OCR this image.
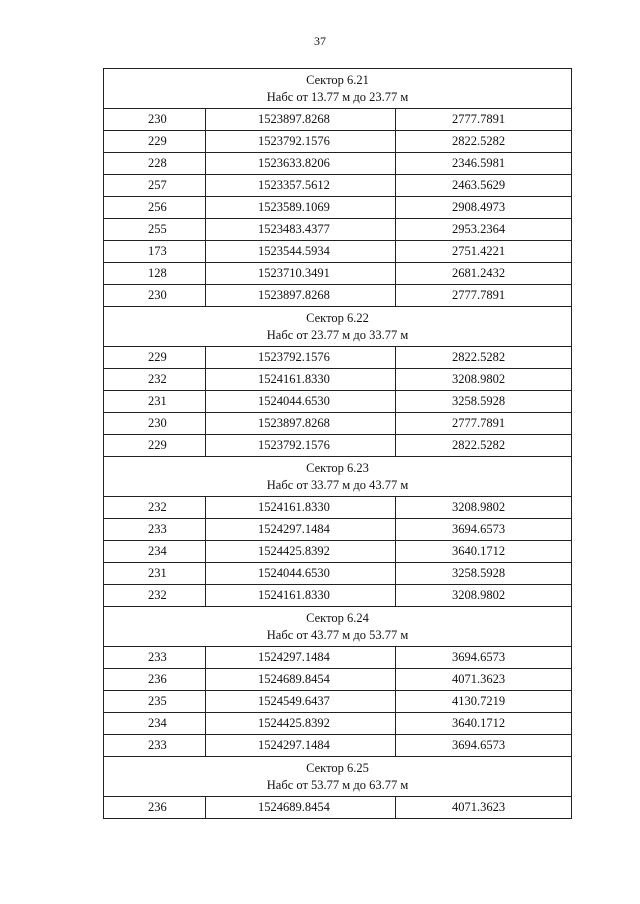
37
Сектор 6.21
Набс от 13.77 м до 23.77 м		

230	1523897.8268	2777.7891
229	1523792.1576	2822.5282
228	1523633.8206	2346.5981
257	1523357.5612	2463.5629
256	1523589.1069	2908.4973
255	1523483.4377	2953.2364
173	1523544.5934	2751.4221
128	1523710.3491	2681.2432
230	1523897.8268	2777.7891

Сектор 6.22
Набс от 23.77 м до 33.77 м		

229	1523792.1576	2822.5282
232	1524161.8330	3208.9802
231	1524044.6530	3258.5928
230	1523897.8268	2777.7891
229	1523792.1576	2822.5282

Сектор 6.23
Набс от 33.77 м до 43.77 м		

232	1524161.8330	3208.9802
233	1524297.1484	3694.6573
234	1524425.8392	3640.1712
231	1524044.6530	3258.5928
232	1524161.8330	3208.9802

Сектор 6.24
Набс от 43.77 м до 53.77 м		

233	1524297.1484	3694.6573
236	1524689.8454	4071.3623
235	1524549.6437	4130.7219
234	1524425.8392	3640.1712
233	1524297.1484	3694.6573

Сектор 6.25
Набс от 53.77 м до 63.77 м		

236	1524689.8454	4071.3623
